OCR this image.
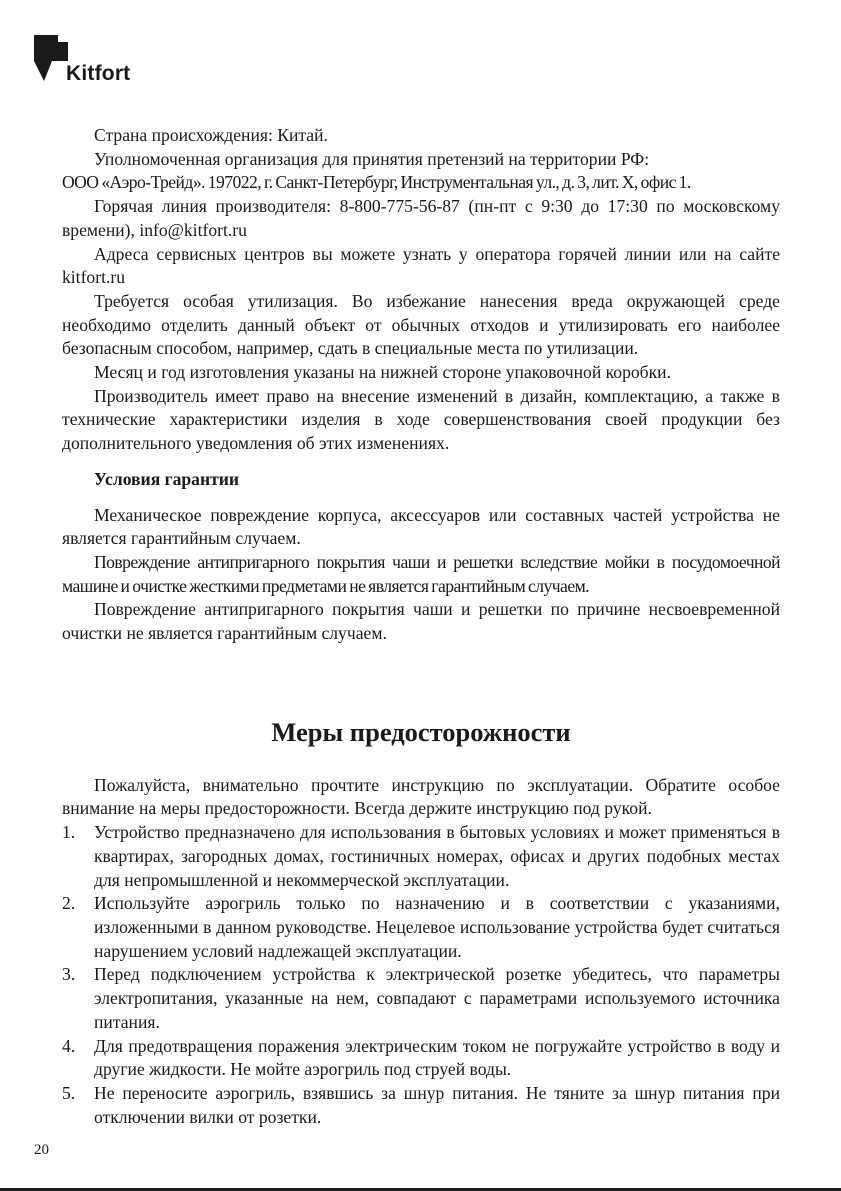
Kitfort

Страна происхождения: Китай.

Уполномоченная организация для принятия претензий на территории РФ:

ООО «Аэро-Трейд». 197022, г. Санкт-Петербург, Инструментальная ул., д. 3, лит. Х, офис 1.

Горячая линия производителя: 8-800-775-56-87 (пн-пт с 9:30 до 17:30 по московскому времени), info@kitfort.ru

Адреса сервисных центров вы можете узнать у оператора горячей линии или на сайте kitfort.ru

Требуется особая утилизация. Во избежание нанесения вреда окружающей среде необходимо отделить данный объект от обычных отходов и утилизировать его наиболее безопасным способом, например, сдать в специальные места по утилизации.

Месяц и год изготовления указаны на нижней стороне упаковочной коробки.

Производитель имеет право на внесение изменений в дизайн, комплектацию, а также в технические характеристики изделия в ходе совершенствования своей продукции без дополнительного уведомления об этих изменениях.

Условия гарантии

Механическое повреждение корпуса, аксессуаров или составных частей устройства не является гарантийным случаем.

Повреждение антипригарного покрытия чаши и решетки вследствие мойки в посудомоечной машине и очистке жесткими предметами не является гарантийным случаем.

Повреждение антипригарного покрытия чаши и решетки по причине несвоевременной очистки не является гарантийным случаем.

Меры предосторожности

Пожалуйста, внимательно прочтите инструкцию по эксплуатации. Обратите особое внимание на меры предосторожности. Всегда держите инструкцию под рукой.

1. Устройство предназначено для использования в бытовых условиях и может применяться в квартирах, загородных домах, гостиничных номерах, офисах и других подобных местах для непромышленной и некоммерческой эксплуатации.
2. Используйте аэрогриль только по назначению и в соответствии с указаниями, изложенными в данном руководстве. Нецелевое использование устройства будет считаться нарушением условий надлежащей эксплуатации.
3. Перед подключением устройства к электрической розетке убедитесь, что параметры электропитания, указанные на нем, совпадают с параметрами используемого источника питания.
4. Для предотвращения поражения электрическим током не погружайте устройство в воду и другие жидкости. Не мойте аэрогриль под струей воды.
5. Не переносите аэрогриль, взявшись за шнур питания. Не тяните за шнур питания при отключении вилки от розетки.
20
